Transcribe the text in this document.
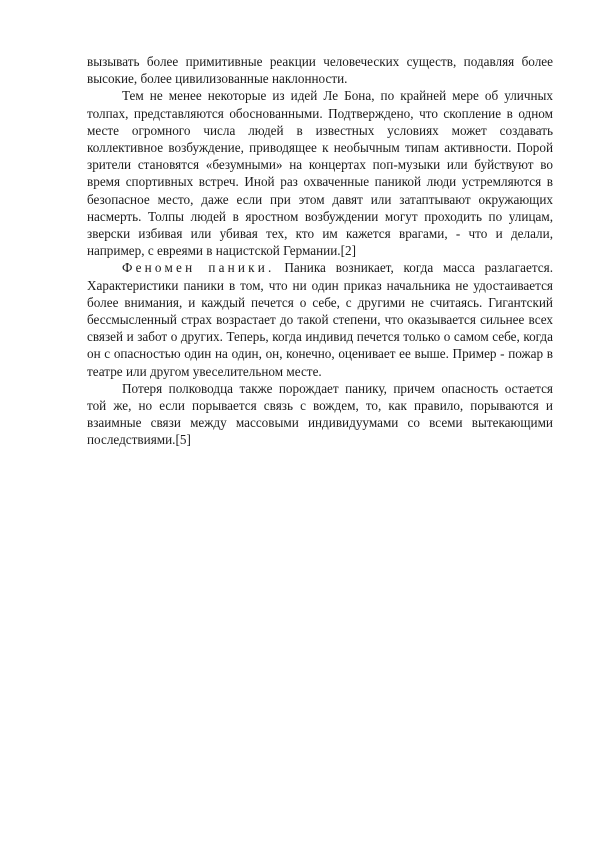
вызывать более примитивные реакции человеческих существ, подавляя более высокие, более цивилизованные наклонности.

Тем не менее некоторые из идей Ле Бона, по крайней мере об уличных толпах, представляются обоснованными. Подтверждено, что скопление в одном месте огромного числа людей в известных условиях может создавать коллективное возбуждение, приводящее к необычным типам активности. Порой зрители становятся «безумными» на концертах поп-музыки или буйствуют во время спортивных встреч. Иной раз охваченные паникой люди устремляются в безопасное место, даже если при этом давят или затаптывают окружающих насмерть. Толпы людей в яростном возбуждении могут проходить по улицам, зверски избивая или убивая тех, кто им кажется врагами, - что и делали, например, с евреями в нацистской Германии.[2]

Феномен паники. Паника возникает, когда масса разлагается. Характеристики паники в том, что ни один приказ начальника не удостаивается более внимания, и каждый печется о себе, с другими не считаясь. Гигантский бессмысленный страх возрастает до такой степени, что оказывается сильнее всех связей и забот о других. Теперь, когда индивид печется только о самом себе, когда он с опасностью один на один, он, конечно, оценивает ее выше. Пример - пожар в театре или другом увеселительном месте.

Потеря полководца также порождает панику, причем опасность остается той же, но если порывается связь с вождем, то, как правило, порываются и взаимные связи между массовыми индивидуумами со всеми вытекающими последствиями.[5]
